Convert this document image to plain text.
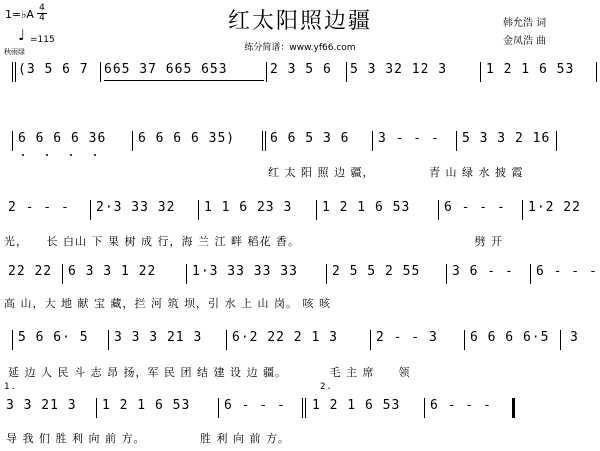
红太阳照边疆
练分简谱：www.yf66.com
韩允浩 词
金凤浩 曲
1=♭A 4
4
♩ =115
秋雨绿
(3 5 6 7 665 37 665 653	2 3 5 6 5 3 32 12 3	1 2 1 6 53
6 6 6 6 36 6 6 6 6 35)	6 6 5 3 6 3 - - - 5 3 3 2 16
红 太 阳 照 边 疆，　　　　　青 山 绿 水 披 霞
2 - - - 2·3 33 32 1 1 6 23 3 1 2 1 6 53	6 - - - 1·2 22
光，　　长 白山 下 果 树 成 行，海 兰 江 畔 稻花 香。　　　　　　　　　　　　　　　劈 开
22 22 6 3 3 1 22	1·3 33 33 33	2 5 5 2 55 3 6 - - 6 - - -
高 山，大 地 献 宝 藏，拦 河 筑 坝，引 水 上 山 岗。 咳 咳
5 6 6· 5 3 3 3 21 3 6·2 22 2 1 3	2 - - 3 6 6 6 6·5 3
延 边 人 民 斗 志 昂 扬，军 民 团 结 建 设 边 疆。　　　　毛 主 席　　领
1.	2.
3 3 21 3 1 2 1 6 53	6 - - - 1 2 1 6 53 6 - - -
导 我 们 胜 利 向 前 方。　　　　　胜 利 向 前 方。
